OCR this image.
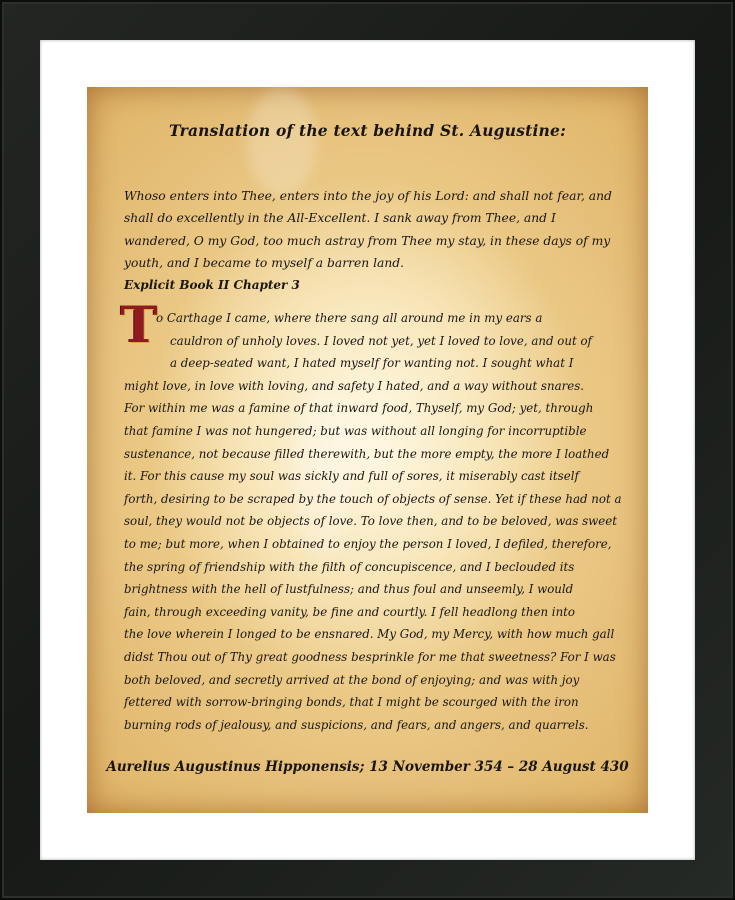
Translation of the text behind St. Augustine:

Whoso enters into Thee, enters into the joy of his Lord: and shall not fear, and shall do excellently in the All-Excellent. I sank away from Thee, and I wandered, O my God, too much astray from Thee my stay, in these days of my youth, and I became to myself a barren land.

Explicit Book II Chapter 3
T
o Carthage I came, where there sang all around me in my ears a
cauldron of unholy loves. I loved not yet, yet I loved to love, and out of
a deep-seated want, I hated myself for wanting not. I sought what I
might love, in love with loving, and safety I hated, and a way without snares.
For within me was a famine of that inward food, Thyself, my God; yet, through
that famine I was not hungered; but was without all longing for incorruptible
sustenance, not because filled therewith, but the more empty, the more I loathed
it. For this cause my soul was sickly and full of sores, it miserably cast itself
forth, desiring to be scraped by the touch of objects of sense. Yet if these had not a
soul, they would not be objects of love. To love then, and to be beloved, was sweet
to me; but more, when I obtained to enjoy the person I loved, I defiled, therefore,
the spring of friendship with the filth of concupiscence, and I beclouded its
brightness with the hell of lustfulness; and thus foul and unseemly, I would
fain, through exceeding vanity, be fine and courtly. I fell headlong then into
the love wherein I longed to be ensnared. My God, my Mercy, with how much gall
didst Thou out of Thy great goodness besprinkle for me that sweetness? For I was
both beloved, and secretly arrived at the bond of enjoying; and was with joy
fettered with sorrow-bringing bonds, that I might be scourged with the iron
burning rods of jealousy, and suspicions, and fears, and angers, and quarrels.
Aurelius Augustinus Hipponensis; 13 November 354 – 28 August 430
